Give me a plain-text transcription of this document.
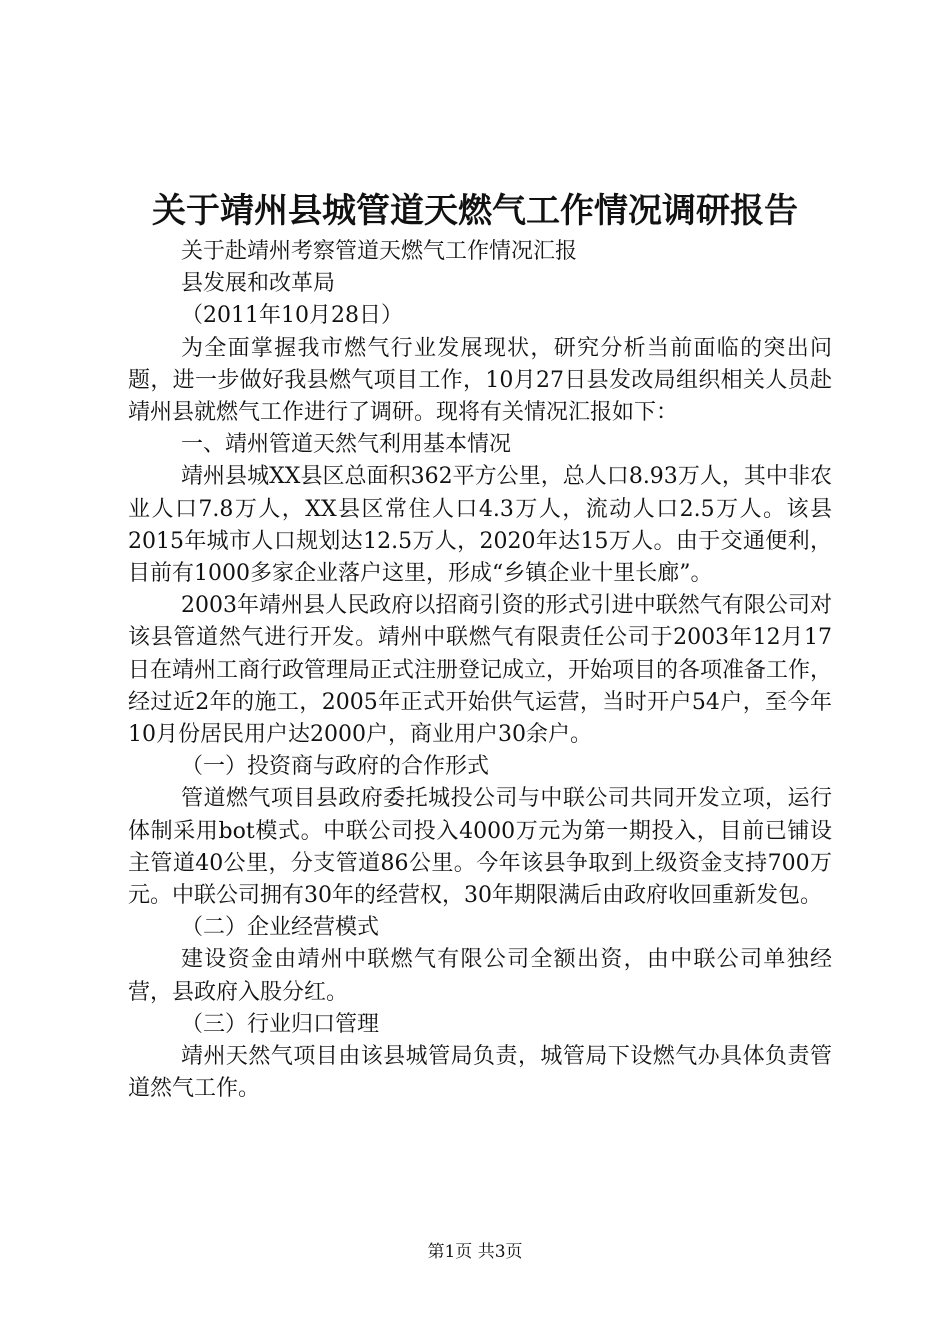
关于靖州县城管道天燃气工作情况调研报告
关于赴靖州考察管道天燃气工作情况汇报
县发展和改革局
（2011年10月28日）
为全面掌握我市燃气行业发展现状，研究分析当前面临的突出问题，进一步做好我县燃气项目工作，10月27日县发改局组织相关人员赴靖州县就燃气工作进行了调研。现将有关情况汇报如下：
一、靖州管道天然气利用基本情况
靖州县城XX县区总面积362平方公里，总人口8.93万人，其中非农业人口7.8万人，XX县区常住人口4.3万人，流动人口2.5万人。该县2015年城市人口规划达12.5万人，2020年达15万人。由于交通便利，目前有1000多家企业落户这里，形成“乡镇企业十里长廊”。
2003年靖州县人民政府以招商引资的形式引进中联然气有限公司对该县管道然气进行开发。靖州中联燃气有限责任公司于2003年12月17日在靖州工商行政管理局正式注册登记成立，开始项目的各项准备工作，经过近2年的施工，2005年正式开始供气运营，当时开户54户，至今年10月份居民用户达2000户，商业用户30余户。
（一）投资商与政府的合作形式
管道燃气项目县政府委托城投公司与中联公司共同开发立项，运行体制采用bot模式。中联公司投入4000万元为第一期投入，目前已铺设主管道40公里，分支管道86公里。今年该县争取到上级资金支持700万元。中联公司拥有30年的经营权，30年期限满后由政府收回重新发包。
（二）企业经营模式
建设资金由靖州中联燃气有限公司全额出资，由中联公司单独经营，县政府入股分红。
（三）行业归口管理
靖州天然气项目由该县城管局负责，城管局下设燃气办具体负责管道然气工作。
第1页 共3页
